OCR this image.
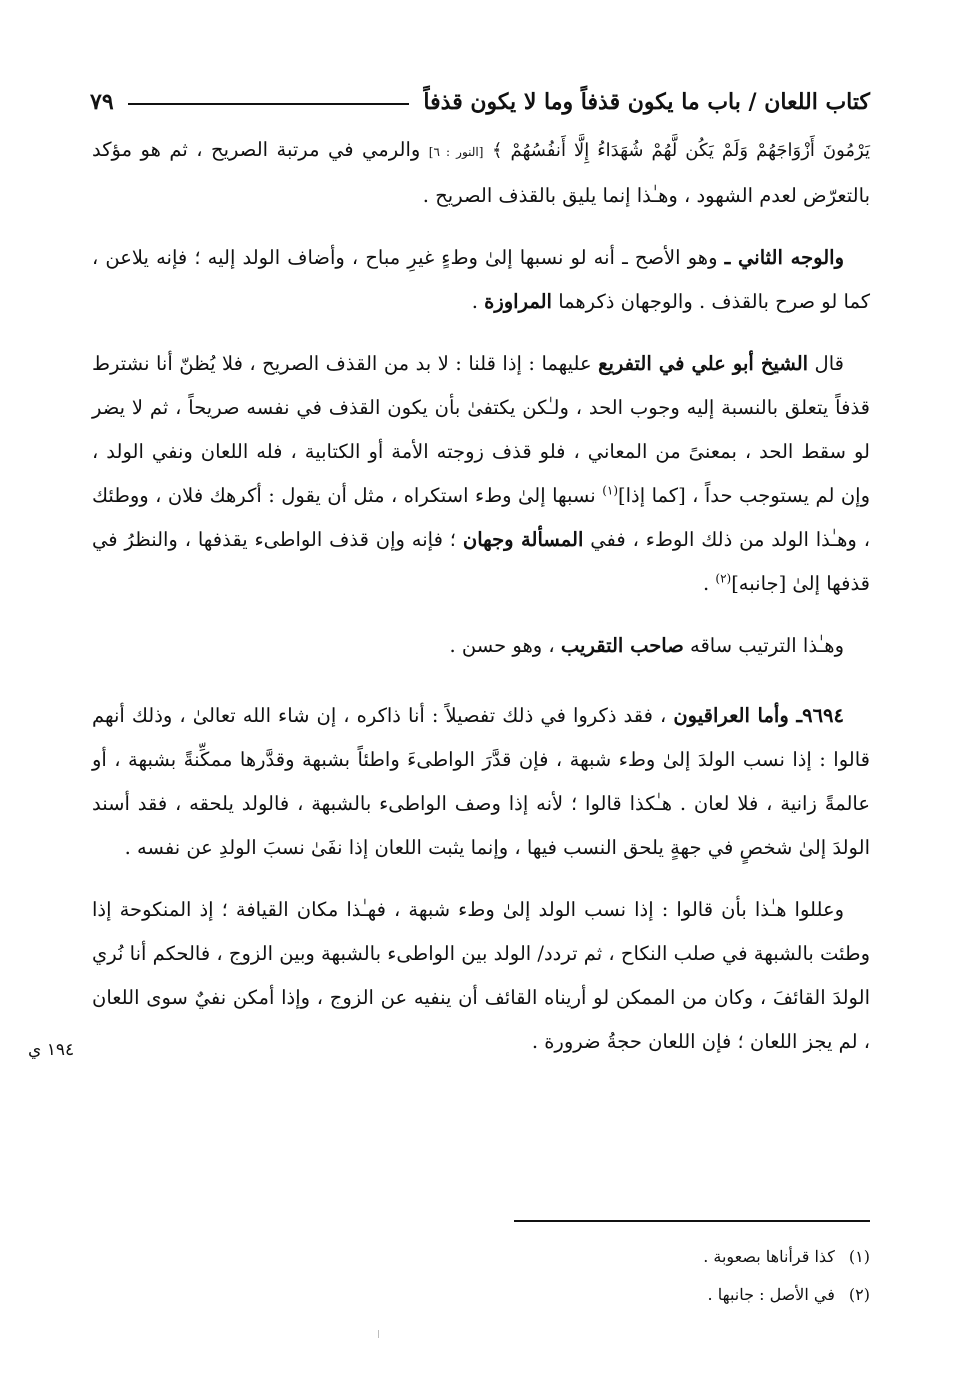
كتاب اللعان / باب ما يكون قذفاً وما لا يكون قذفاً
٧٩

يَرْمُونَ أَزْوَاجَهُمْ وَلَمْ يَكُن لَّهُمْ شُهَدَاءُ إِلَّا أَنفُسُهُمْ ﴾ [النور : ٦] والرمي في مرتبة الصريح ، ثم هو مؤكد بالتعرّض لعدم الشهود ، وهـٰذا إنما يليق بالقذف الصريح .

والوجه الثاني ـ وهو الأصح ـ أنه لو نسبها إلىٰ وطءٍ غيرِ مباح ، وأضاف الولد إليه ؛ فإنه يلاعن ، كما لو صرح بالقذف . والوجهان ذكرهما المراوزة .

قال الشيخ أبو علي في التفريع عليهما : إذا قلنا : لا بد من القذف الصريح ، فلا يُظنّ أنا نشترط قذفاً يتعلق بالنسبة إليه وجوب الحد ، ولـٰكن يكتفىٰ بأن يكون القذف في نفسه صريحاً ، ثم لا يضر لو سقط الحد ، بمعنىً من المعاني ، فلو قذف زوجته الأمة أو الكتابية ، فله اللعان ونفي الولد ، وإن لم يستوجب حداً ، [كما إذا]$^{(١)}$ نسبها إلىٰ وطء استكراه ، مثل أن يقول : أكرهك فلان ، ووطئك ، وهـٰذا الولد من ذلك الوطء ، ففي المسألة وجهان ؛ فإنه وإن قذف الواطىء يقذفها ، والنظرُ في قذفها إلىٰ [جانبه]$^{(٢)}$ .

وهـٰذا الترتيب ساقه صاحب التقريب ، وهو حسن .

٩٦٩٤ـ وأما العراقيون ، فقد ذكروا في ذلك تفصيلاً : أنا ذاكره ، إن شاء الله تعالىٰ ، وذلك أنهم قالوا : إذا نسب الولدَ إلىٰ وطء شبهة ، فإن قدَّرَ الواطىءَ واطئاً بشبهة وقدَّرها ممكِّنةً بشبهة ، أو عالمةً زانية ، فلا لعان . هـٰكذا قالوا ؛ لأنه إذا وصف الواطىء بالشبهة ، فالولد يلحقه ، فقد أسند الولدَ إلىٰ شخصٍ في جهةٍ يلحق النسب فيها ، وإنما يثبت اللعان إذا نفَىٰ نسبَ الولدِ عن نفسه .

وعللوا هـٰذا بأن قالوا : إذا نسب الولد إلىٰ وطء شبهة ، فهـٰذا مكان القيافة ؛ إذ المنكوحة إذا وطئت بالشبهة في صلب النكاح ، ثم تردد/ الولد بين الواطىء بالشبهة وبين الزوج ، فالحكم أنا نُري الولدَ القائفَ ، وكان من الممكن لو أريناه القائف أن ينفيه عن الزوج ، وإذا أمكن نفيٌ سوى اللعان ، لم يجز اللعان ؛ فإن اللعان حجةُ ضرورة .

١٩٤ ي
(١)
كذا قرأناها بصعوبة .
(٢)
في الأصل : جانبها .
